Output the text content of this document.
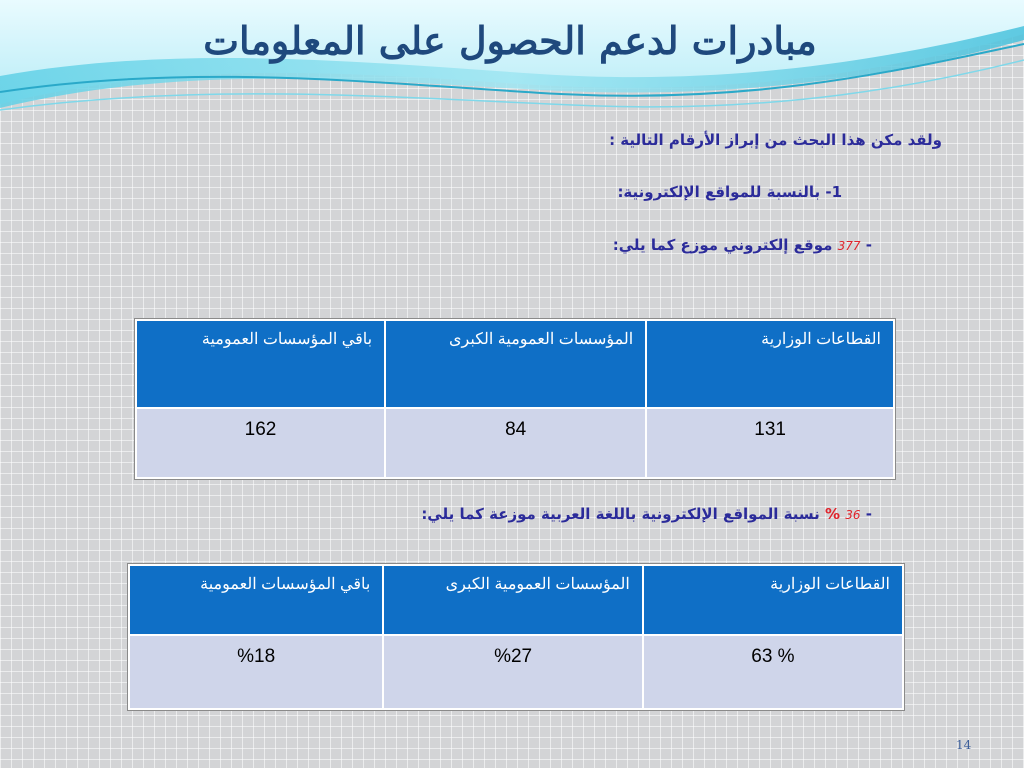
مبادرات لدعم الحصول على المعلومات
ولقد مكن هذا البحث من إبراز الأرقام التالية :
1- بالنسبة للمواقع الإلكترونية:
- 377 موقع إلكتروني موزع كما يلي:
القطاعات الوزارية	المؤسسات العمومية الكبرى	باقي المؤسسات العمومية
131	84	162
- 36 % نسبة المواقع الإلكترونية باللغة العربية موزعة كما يلي:
القطاعات الوزارية	المؤسسات العمومية الكبرى	باقي المؤسسات العمومية
% 63	%27	%18
14
